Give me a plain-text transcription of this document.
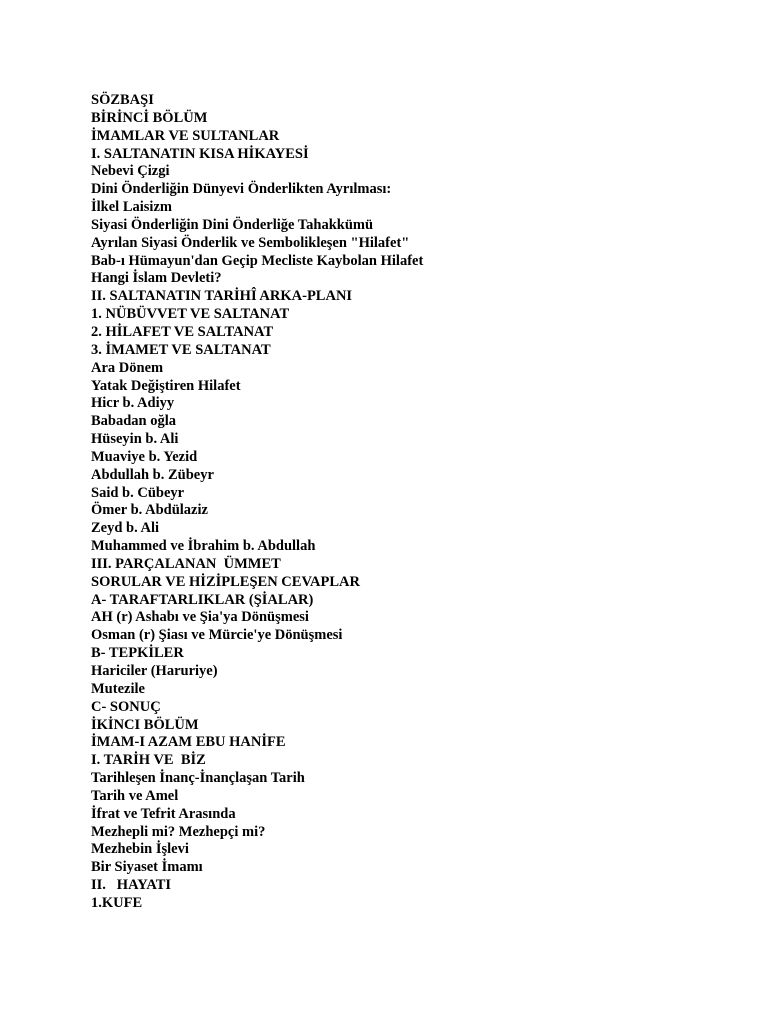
SÖZBAŞI
BİRİNCİ BÖLÜM
İMAMLAR VE SULTANLAR
I. SALTANATIN KISA HİKAYESİ
Nebevi Çizgi
Dini Önderliğin Dünyevi Önderlikten Ayrılması:
İlkel Laisizm
Siyasi Önderliğin Dini Önderliğe Tahakkümü
Ayrılan Siyasi Önderlik ve Sembolikleşen "Hilafet"
Bab-ı Hümayun'dan Geçip Mecliste Kaybolan Hilafet
Hangi İslam Devleti?
II. SALTANATIN TARİHÎ ARKA-PLANI
1. NÜBÜVVET VE SALTANAT
2. HİLAFET VE SALTANAT
3. İMAMET VE SALTANAT
Ara Dönem
Yatak Değiştiren Hilafet
Hicr b. Adiyy
Babadan oğla
Hüseyin b. Ali
Muaviye b. Yezid
Abdullah b. Zübeyr
Said b. Cübeyr
Ömer b. Abdülaziz
Zeyd b. Ali
Muhammed ve İbrahim b. Abdullah
III. PARÇALANAN  ÜMMET
SORULAR VE HİZİPLEŞEN CEVAPLAR
A- TARAFTARLIKLAR (ŞİALAR)
AH (r) Ashabı ve Şia'ya Dönüşmesi
Osman (r) Şiası ve Mürcie'ye Dönüşmesi
B- TEPKİLER
Hariciler (Haruriye)
Mutezile
C- SONUÇ
İKİNCI BÖLÜM
İMAM-I AZAM EBU HANİFE
I. TARİH VE  BİZ
Tarihleşen İnanç-İnançlaşan Tarih
Tarih ve Amel
İfrat ve Tefrit Arasında
Mezhepli mi? Mezhepçi mi?
Mezhebin İşlevi
Bir Siyaset İmamı
II.   HAYATI
1.KUFE
